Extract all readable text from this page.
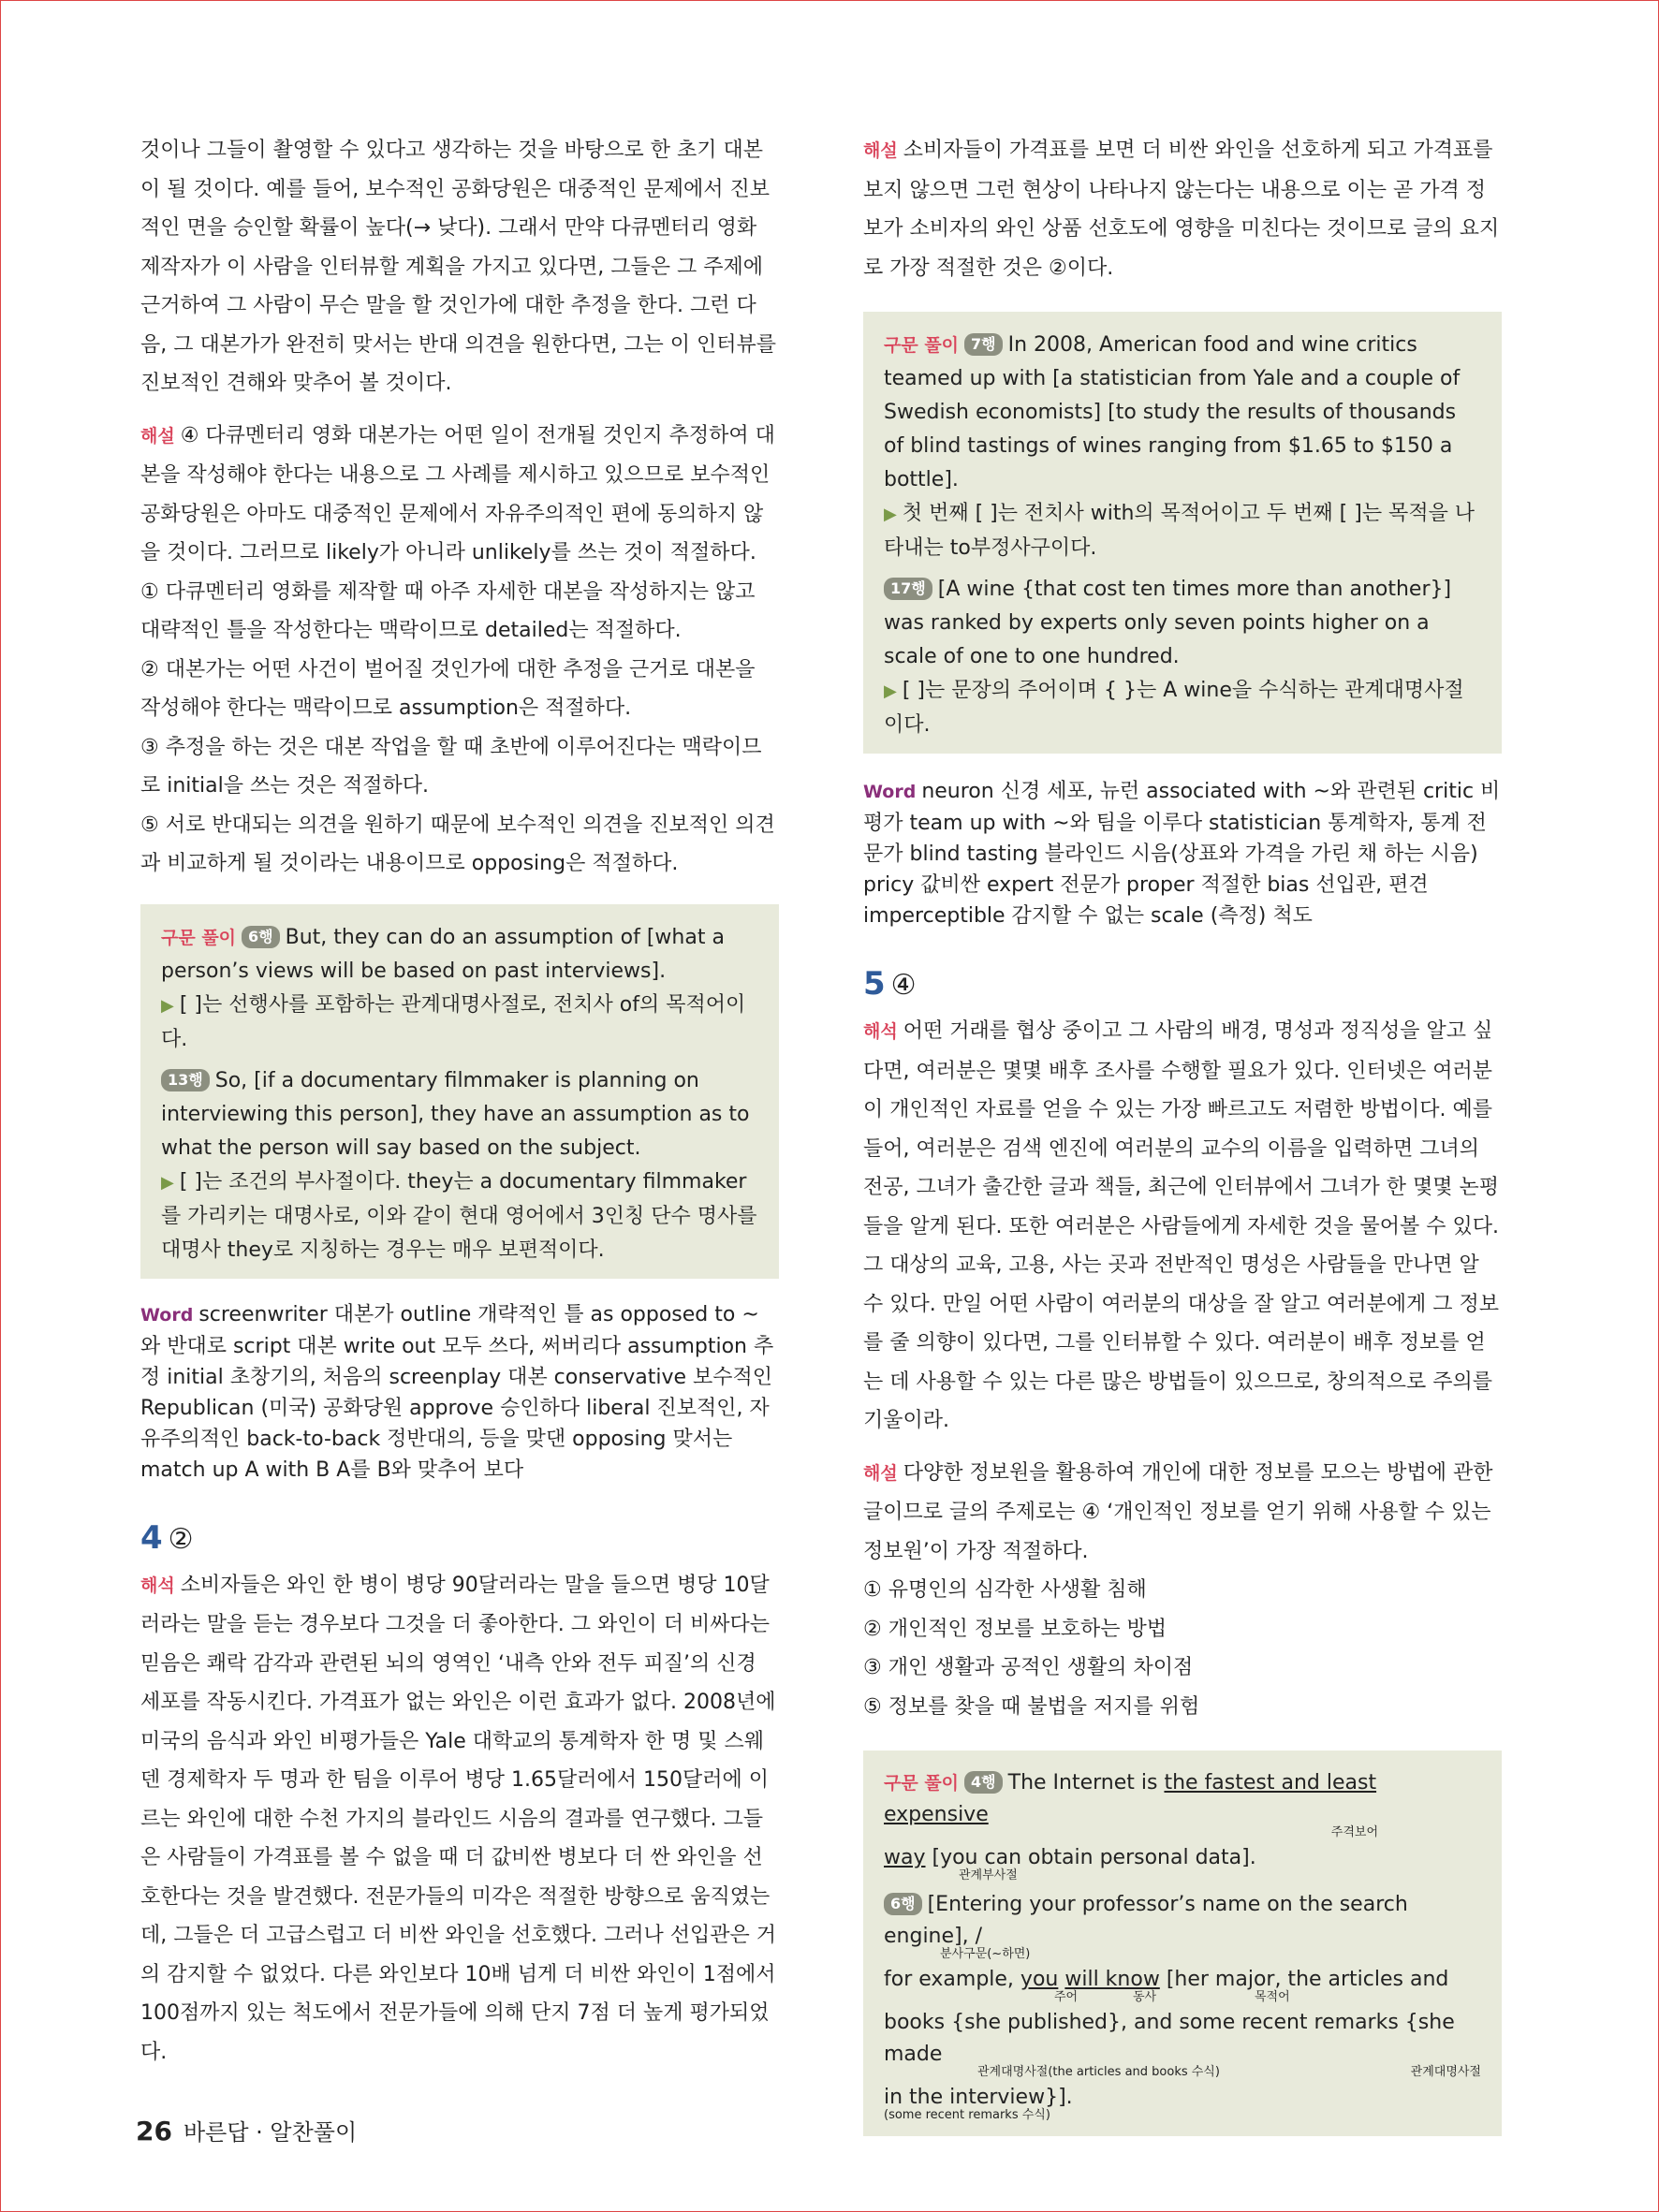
것이나 그들이 촬영할 수 있다고 생각하는 것을 바탕으로 한 초기 대본이 될 것이다. 예를 들어, 보수적인 공화당원은 대중적인 문제에서 진보적인 면을 승인할 확률이 높다(→ 낮다). 그래서 만약 다큐멘터리 영화 제작자가 이 사람을 인터뷰할 계획을 가지고 있다면, 그들은 그 주제에 근거하여 그 사람이 무슨 말을 할 것인가에 대한 추정을 한다. 그런 다음, 그 대본가가 완전히 맞서는 반대 의견을 원한다면, 그는 이 인터뷰를 진보적인 견해와 맞추어 볼 것이다.

해설 ④ 다큐멘터리 영화 대본가는 어떤 일이 전개될 것인지 추정하여 대본을 작성해야 한다는 내용으로 그 사례를 제시하고 있으므로 보수적인 공화당원은 아마도 대중적인 문제에서 자유주의적인 편에 동의하지 않을 것이다. 그러므로 likely가 아니라 unlikely를 쓰는 것이 적절하다.

① 다큐멘터리 영화를 제작할 때 아주 자세한 대본을 작성하지는 않고 대략적인 틀을 작성한다는 맥락이므로 detailed는 적절하다.

② 대본가는 어떤 사건이 벌어질 것인가에 대한 추정을 근거로 대본을 작성해야 한다는 맥락이므로 assumption은 적절하다.

③ 추정을 하는 것은 대본 작업을 할 때 초반에 이루어진다는 맥락이므로 initial을 쓰는 것은 적절하다.

⑤ 서로 반대되는 의견을 원하기 때문에 보수적인 의견을 진보적인 의견과 비교하게 될 것이라는 내용이므로 opposing은 적절하다.

구문 풀이 6행 But, they can do an assumption of [what a person’s views will be based on past interviews].

▶ [ ]는 선행사를 포함하는 관계대명사절로, 전치사 of의 목적어이다.

13행 So, [if a documentary filmmaker is planning on interviewing this person], they have an assumption as to what the person will say based on the subject.

▶ [ ]는 조건의 부사절이다. they는 a documentary filmmaker를 가리키는 대명사로, 이와 같이 현대 영어에서 3인칭 단수 명사를 대명사 they로 지칭하는 경우는 매우 보편적이다.

Word screenwriter 대본가 outline 개략적인 틀 as opposed to ~와 반대로 script 대본 write out 모두 쓰다, 써버리다 assumption 추정 initial 초창기의, 처음의 screenplay 대본 conservative 보수적인 Republican (미국) 공화당원 approve 승인하다 liberal 진보적인, 자유주의적인 back-to-back 정반대의, 등을 맞댄 opposing 맞서는 match up A with B A를 B와 맞추어 보다

4 ②

해석 소비자들은 와인 한 병이 병당 90달러라는 말을 들으면 병당 10달러라는 말을 듣는 경우보다 그것을 더 좋아한다. 그 와인이 더 비싸다는 믿음은 쾌락 감각과 관련된 뇌의 영역인 ‘내측 안와 전두 피질’의 신경 세포를 작동시킨다. 가격표가 없는 와인은 이런 효과가 없다. 2008년에 미국의 음식과 와인 비평가들은 Yale 대학교의 통계학자 한 명 및 스웨덴 경제학자 두 명과 한 팀을 이루어 병당 1.65달러에서 150달러에 이르는 와인에 대한 수천 가지의 블라인드 시음의 결과를 연구했다. 그들은 사람들이 가격표를 볼 수 없을 때 더 값비싼 병보다 더 싼 와인을 선호한다는 것을 발견했다. 전문가들의 미각은 적절한 방향으로 움직였는데, 그들은 더 고급스럽고 더 비싼 와인을 선호했다. 그러나 선입관은 거의 감지할 수 없었다. 다른 와인보다 10배 넘게 더 비싼 와인이 1점에서 100점까지 있는 척도에서 전문가들에 의해 단지 7점 더 높게 평가되었다.

해설 소비자들이 가격표를 보면 더 비싼 와인을 선호하게 되고 가격표를 보지 않으면 그런 현상이 나타나지 않는다는 내용으로 이는 곧 가격 정보가 소비자의 와인 상품 선호도에 영향을 미친다는 것이므로 글의 요지로 가장 적절한 것은 ②이다.

구문 풀이 7행 In 2008, American food and wine critics teamed up with [a statistician from Yale and a couple of Swedish economists] [to study the results of thousands of blind tastings of wines ranging from $1.65 to $150 a bottle].

▶ 첫 번째 [ ]는 전치사 with의 목적어이고 두 번째 [ ]는 목적을 나타내는 to부정사구이다.

17행 [A wine {that cost ten times more than another}] was ranked by experts only seven points higher on a scale of one to one hundred.

▶ [ ]는 문장의 주어이며 { }는 A wine을 수식하는 관계대명사절이다.

Word neuron 신경 세포, 뉴런 associated with ~와 관련된 critic 비평가 team up with ~와 팀을 이루다 statistician 통계학자, 통계 전문가 blind tasting 블라인드 시음(상표와 가격을 가린 채 하는 시음) pricy 값비싼 expert 전문가 proper 적절한 bias 선입관, 편견 imperceptible 감지할 수 없는 scale (측정) 척도

5 ④

해석 어떤 거래를 협상 중이고 그 사람의 배경, 명성과 정직성을 알고 싶다면, 여러분은 몇몇 배후 조사를 수행할 필요가 있다. 인터넷은 여러분이 개인적인 자료를 얻을 수 있는 가장 빠르고도 저렴한 방법이다. 예를 들어, 여러분은 검색 엔진에 여러분의 교수의 이름을 입력하면 그녀의 전공, 그녀가 출간한 글과 책들, 최근에 인터뷰에서 그녀가 한 몇몇 논평들을 알게 된다. 또한 여러분은 사람들에게 자세한 것을 물어볼 수 있다. 그 대상의 교육, 고용, 사는 곳과 전반적인 명성은 사람들을 만나면 알 수 있다. 만일 어떤 사람이 여러분의 대상을 잘 알고 여러분에게 그 정보를 줄 의향이 있다면, 그를 인터뷰할 수 있다. 여러분이 배후 정보를 얻는 데 사용할 수 있는 다른 많은 방법들이 있으므로, 창의적으로 주의를 기울이라.

해설 다양한 정보원을 활용하여 개인에 대한 정보를 모으는 방법에 관한 글이므로 글의 주제로는 ④ ‘개인적인 정보를 얻기 위해 사용할 수 있는 정보원’이 가장 적절하다.

① 유명인의 심각한 사생활 침해

② 개인적인 정보를 보호하는 방법

③ 개인 생활과 공적인 생활의 차이점

⑤ 정보를 찾을 때 불법을 저지를 위험

구문 풀이 4행 The Internet is the fastest and least expensive

주격보어

way [you can obtain personal data].

관계부사절

6행 [Entering your professor’s name on the search engine], /

분사구문(~하면)

for example, you will know [her major, the articles and

주어	동사	목적어

books {she published}, and some recent remarks {she made

관계대명사절(the articles and books 수식)	관계대명사절

in the interview}].

(some recent remarks 수식)
26 바른답 · 알찬풀이
